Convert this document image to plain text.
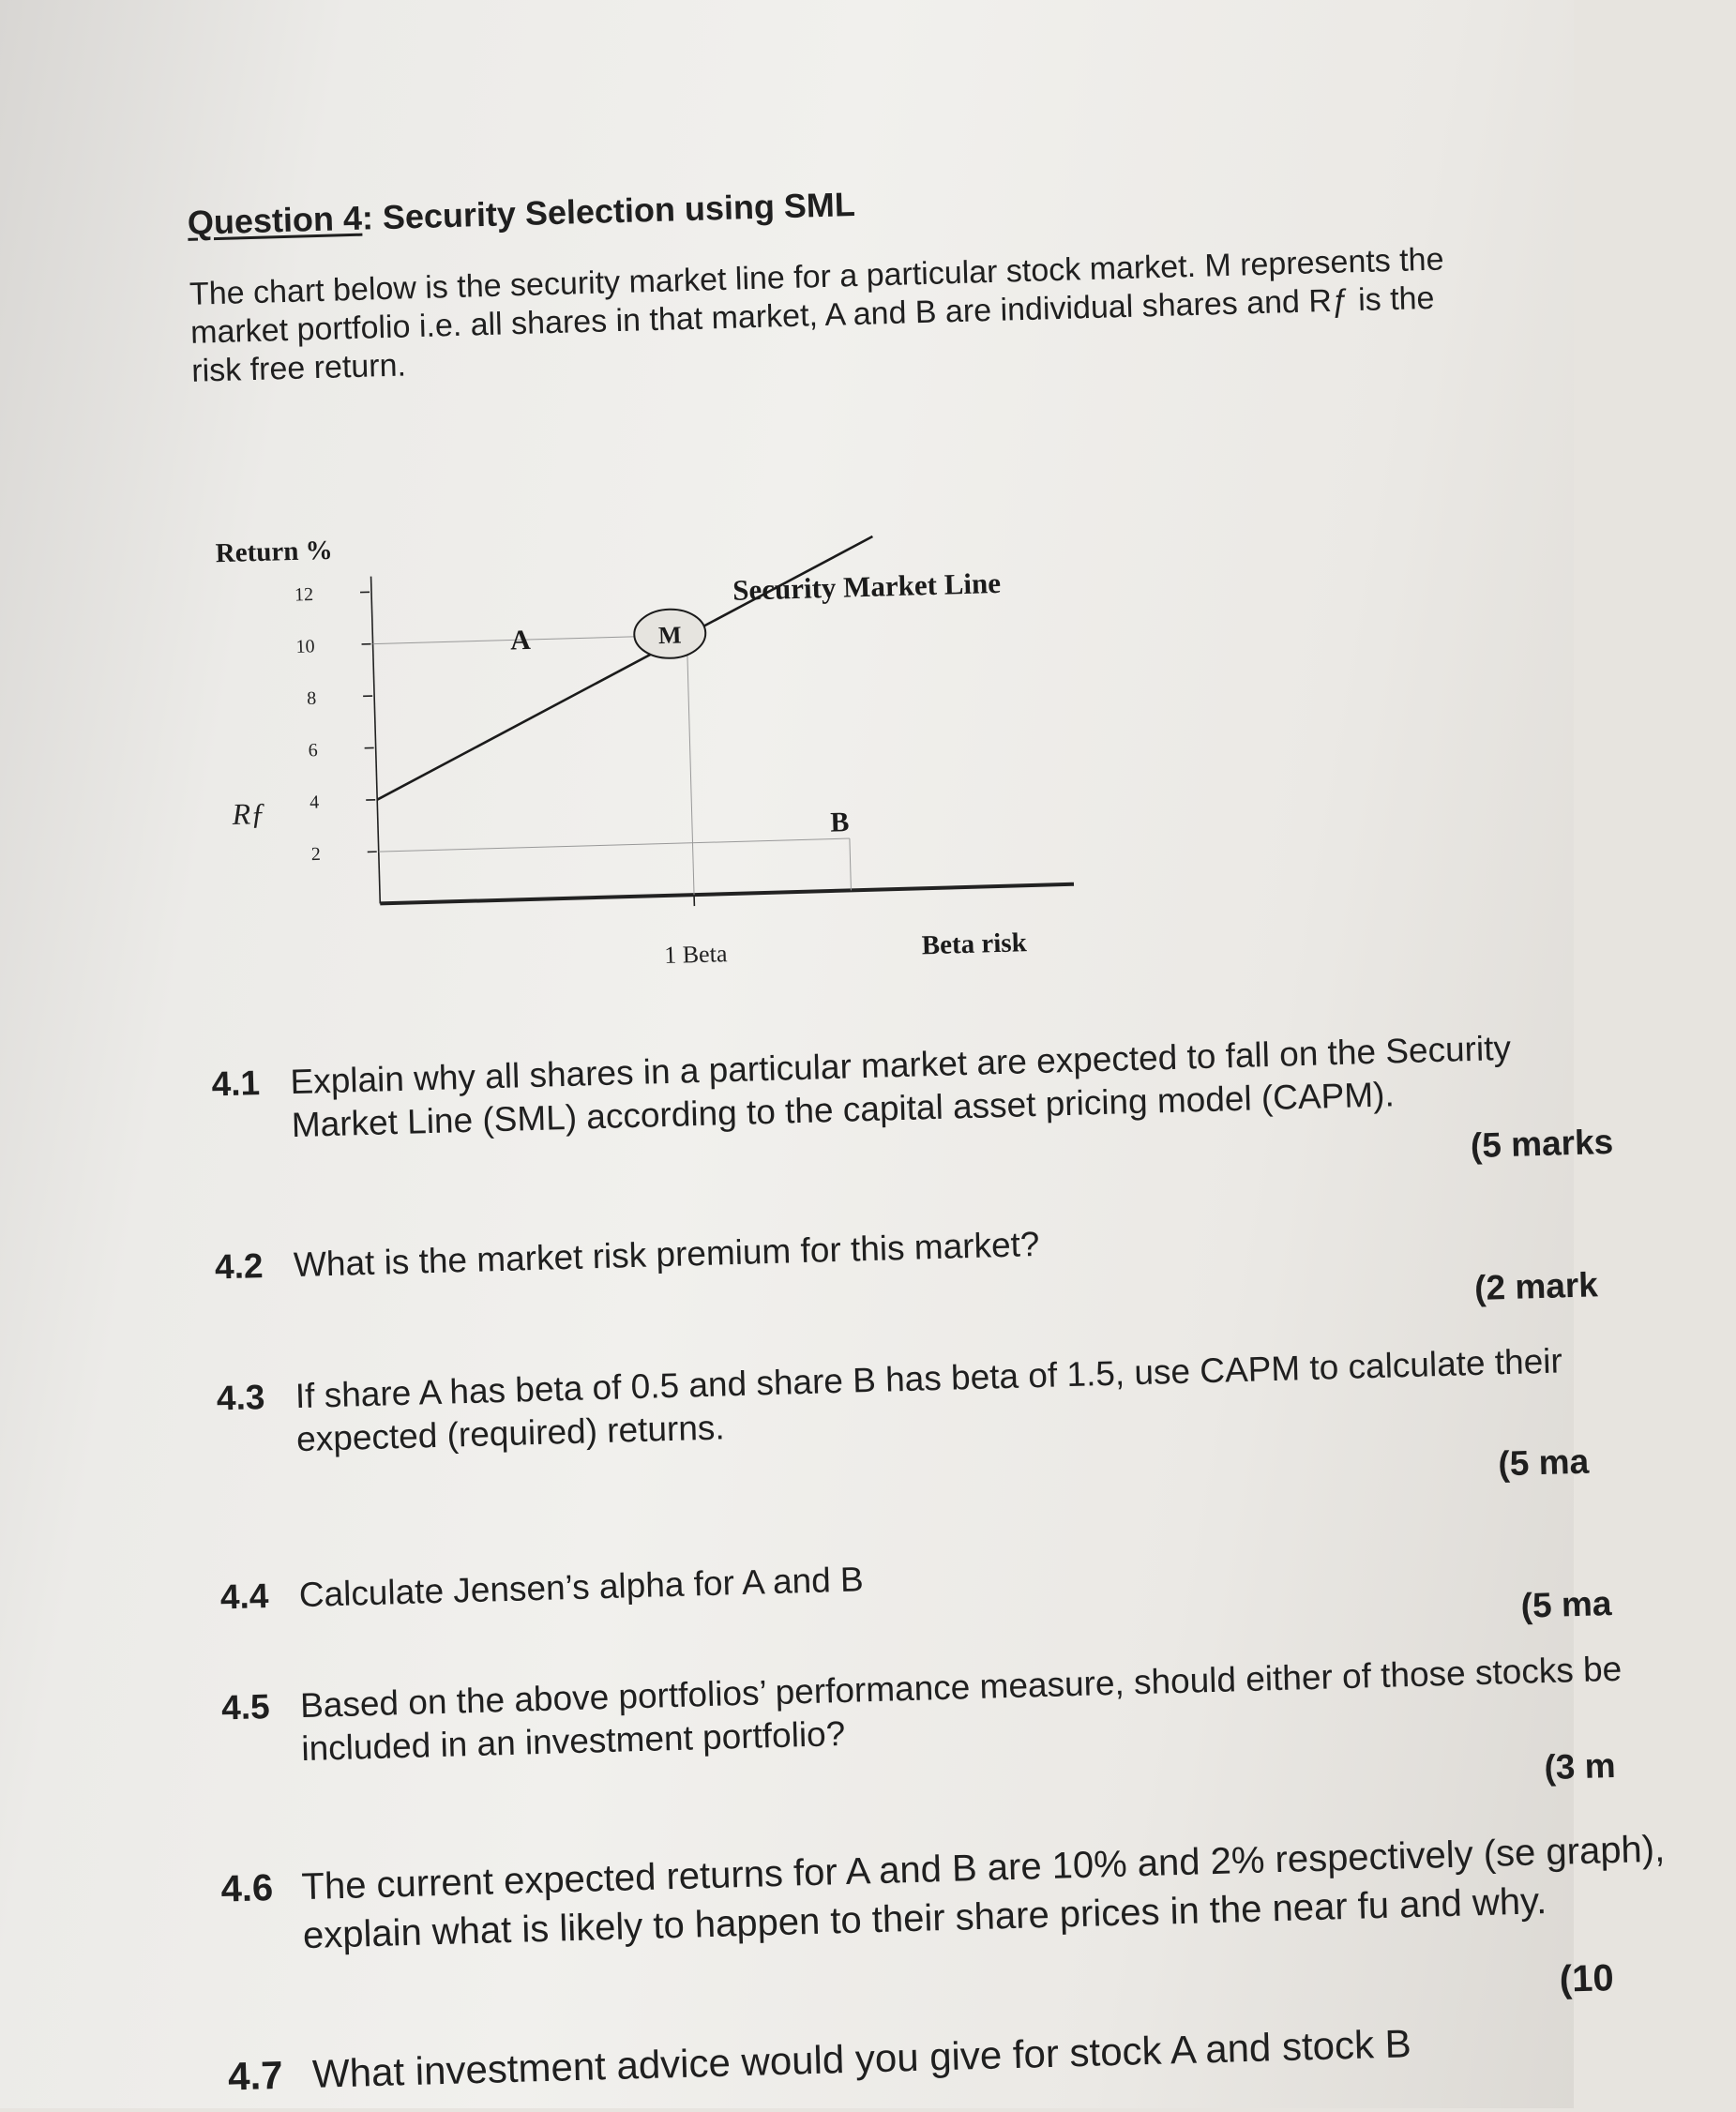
Question 4: Security Selection using SML
The chart below is the security market line for a particular stock market. M represents the market portfolio i.e. all shares in that market, A and B are individual shares and Rƒ is the risk free return.
2
4
6
8
10
12
Return %
Beta risk
1 Beta
Rƒ
Security Market Line
M
A
B
4.1 Explain why all shares in a particular market are expected to fall on the Security Market Line (SML) according to the capital asset pricing model (CAPM).	(5 marks
4.2 What is the market risk premium for this market?
(2 mark
4.3 If share A has beta of 0.5 and share B has beta of 1.5, use CAPM to calculate their expected (required) returns.
(5 ma
4.4 Calculate Jensen’s alpha for A and B	(5 ma
4.5 Based on the above portfolios’ performance measure, should either of those stocks be included in an investment portfolio?	(3 m
4.6 The current expected returns for A and B are 10% and 2% respectively (se graph), explain what is likely to happen to their share prices in the near fu and why.
(10
4.7 What investment advice would you give for stock A and stock B
